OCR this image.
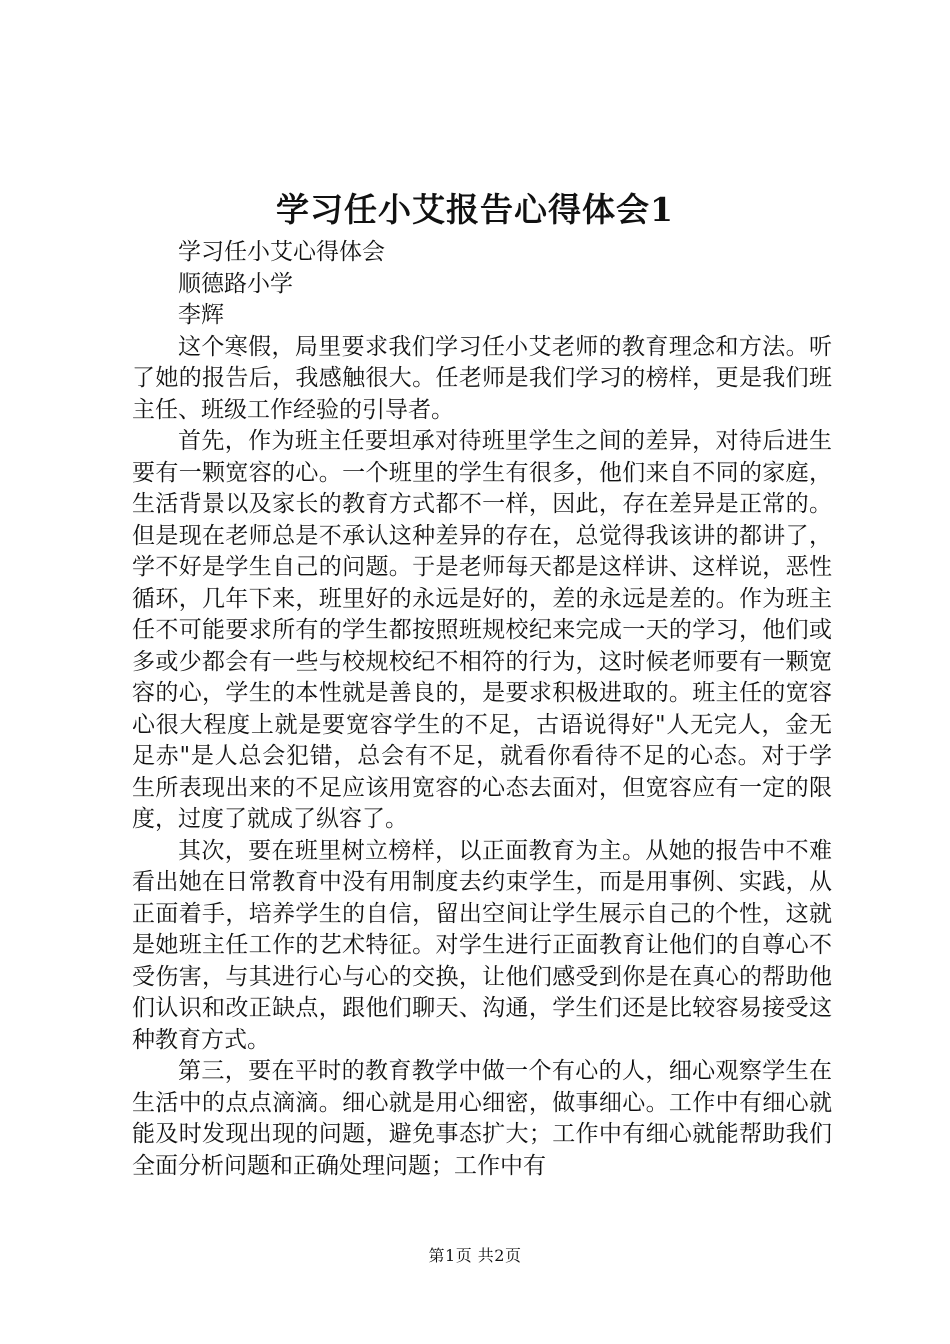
学习任小艾报告心得体会1

学习任小艾心得体会

顺德路小学

李辉

这个寒假，局里要求我们学习任小艾老师的教育理念和方法。听了她的报告后，我感触很大。任老师是我们学习的榜样，更是我们班主任、班级工作经验的引导者。

首先，作为班主任要坦承对待班里学生之间的差异，对待后进生要有一颗宽容的心。一个班里的学生有很多，他们来自不同的家庭，生活背景以及家长的教育方式都不一样，因此，存在差异是正常的。但是现在老师总是不承认这种差异的存在，总觉得我该讲的都讲了，学不好是学生自己的问题。于是老师每天都是这样讲、这样说，恶性循环，几年下来，班里好的永远是好的，差的永远是差的。作为班主任不可能要求所有的学生都按照班规校纪来完成一天的学习，他们或多或少都会有一些与校规校纪不相符的行为，这时候老师要有一颗宽容的心，学生的本性就是善良的，是要求积极进取的。班主任的宽容心很大程度上就是要宽容学生的不足，古语说得好"人无完人，金无足赤"是人总会犯错，总会有不足，就看你看待不足的心态。对于学生所表现出来的不足应该用宽容的心态去面对，但宽容应有一定的限度，过度了就成了纵容了。

其次，要在班里树立榜样，以正面教育为主。从她的报告中不难看出她在日常教育中没有用制度去约束学生，而是用事例、实践，从正面着手，培养学生的自信，留出空间让学生展示自己的个性，这就是她班主任工作的艺术特征。对学生进行正面教育让他们的自尊心不受伤害，与其进行心与心的交换，让他们感受到你是在真心的帮助他们认识和改正缺点，跟他们聊天、沟通，学生们还是比较容易接受这种教育方式。

第三，要在平时的教育教学中做一个有心的人，细心观察学生在生活中的点点滴滴。细心就是用心细密，做事细心。工作中有细心就能及时发现出现的问题，避免事态扩大；工作中有细心就能帮助我们全面分析问题和正确处理问题；工作中有

第1页 共2页
